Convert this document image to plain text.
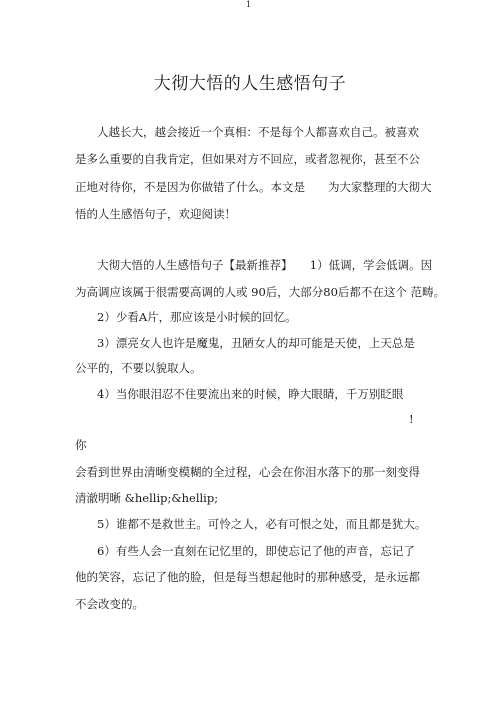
1
大彻大悟的人生感悟句子
人越长大，越会接近一个真相：不是每个人都喜欢自己。被喜欢
是多么重要的自我肯定，但如果对方不回应，或者忽视你，甚至不公
正地对待你，不是因为你做错了什么。本文是　　为大家整理的大彻大
悟的人生感悟句子，欢迎阅读！
大彻大悟的人生感悟句子【最新推荐】　　1）低调，学会低调。因
为高调应该属于很需要高调的人或 90后，大部分80后都不在这个 范畴。
2）少看A片，那应该是小时候的回忆。
3）漂亮女人也许是魔鬼，丑陋女人的却可能是天使，上天总是
公平的，不要以貌取人。
4）当你眼泪忍不住要流出来的时候，睁大眼睛，千万别眨眼
!
你
会看到世界由清晰变模糊的全过程，心会在你泪水落下的那一刻变得
清澈明晰 &hellip;&hellip;
5）谁都不是救世主。可怜之人，必有可恨之处，而且都是犹大。
6）有些人会一直刻在记忆里的，即使忘记了他的声音，忘记了
他的笑容，忘记了他的脸，但是每当想起他时的那种感受，是永远都
不会改变的。
